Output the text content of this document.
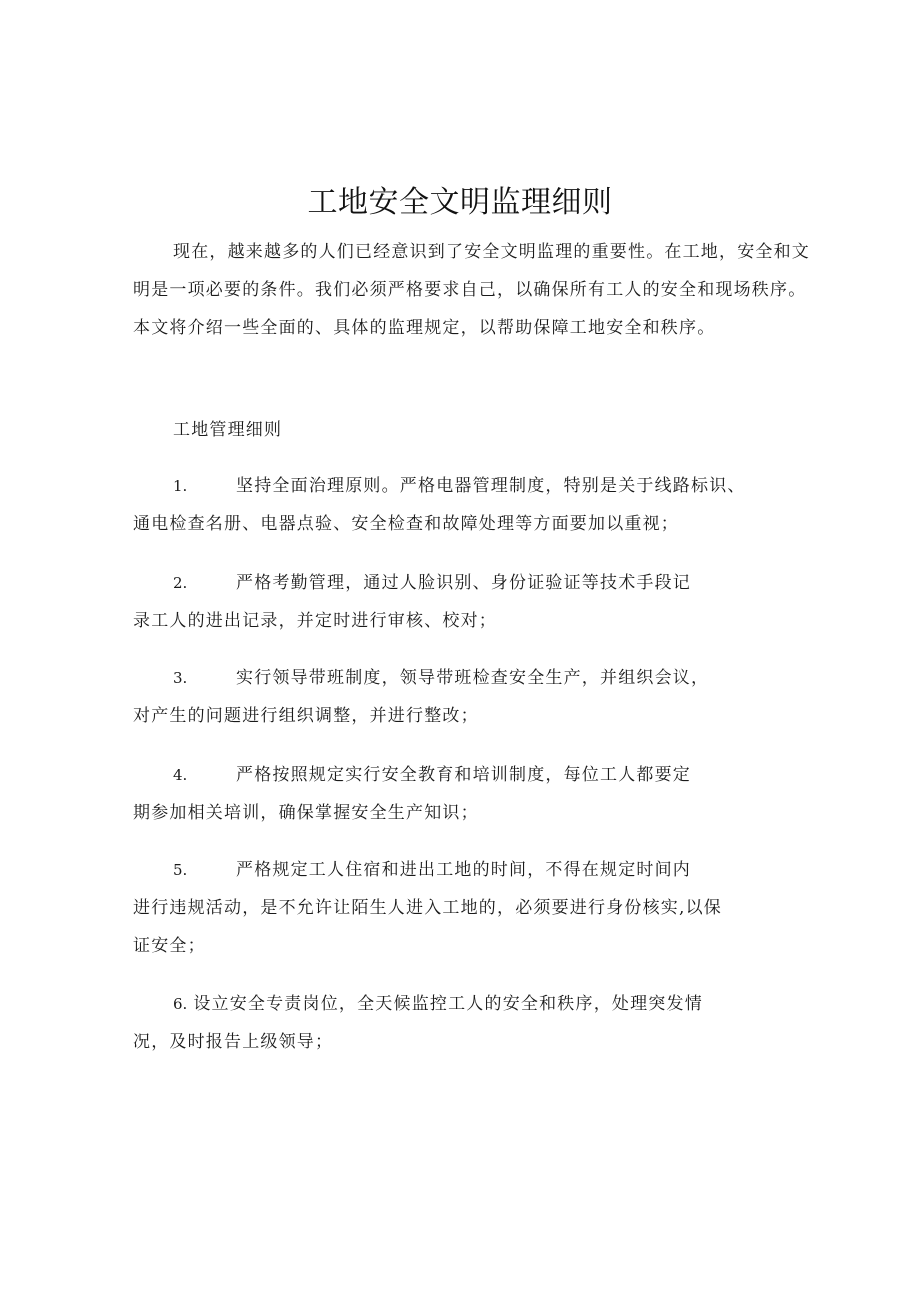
工地安全文明监理细则
现在，越来越多的人们已经意识到了安全文明监理的重要性。在工地，安全和文明是一项必要的条件。我们必须严格要求自己，以确保所有工人的安全和现场秩序。本文将介绍一些全面的、具体的监理规定，以帮助保障工地安全和秩序。
工地管理细则
1.	坚持全面治理原则。严格电器管理制度，特别是关于线路标识、
通电检查名册、电器点验、安全检查和故障处理等方面要加以重视；
2.	严格考勤管理，通过人脸识别、身份证验证等技术手段记
录工人的进出记录，并定时进行审核、校对；
3.	实行领导带班制度，领导带班检查安全生产，并组织会议，
对产生的问题进行组织调整，并进行整改；
4.	严格按照规定实行安全教育和培训制度，每位工人都要定
期参加相关培训，确保掌握安全生产知识；
5.	严格规定工人住宿和进出工地的时间，不得在规定时间内
进行违规活动，是不允许让陌生人进入工地的，必须要进行身份核实,以保
证安全；
6. 设立安全专责岗位，全天候监控工人的安全和秩序，处理突发情
况，及时报告上级领导；
